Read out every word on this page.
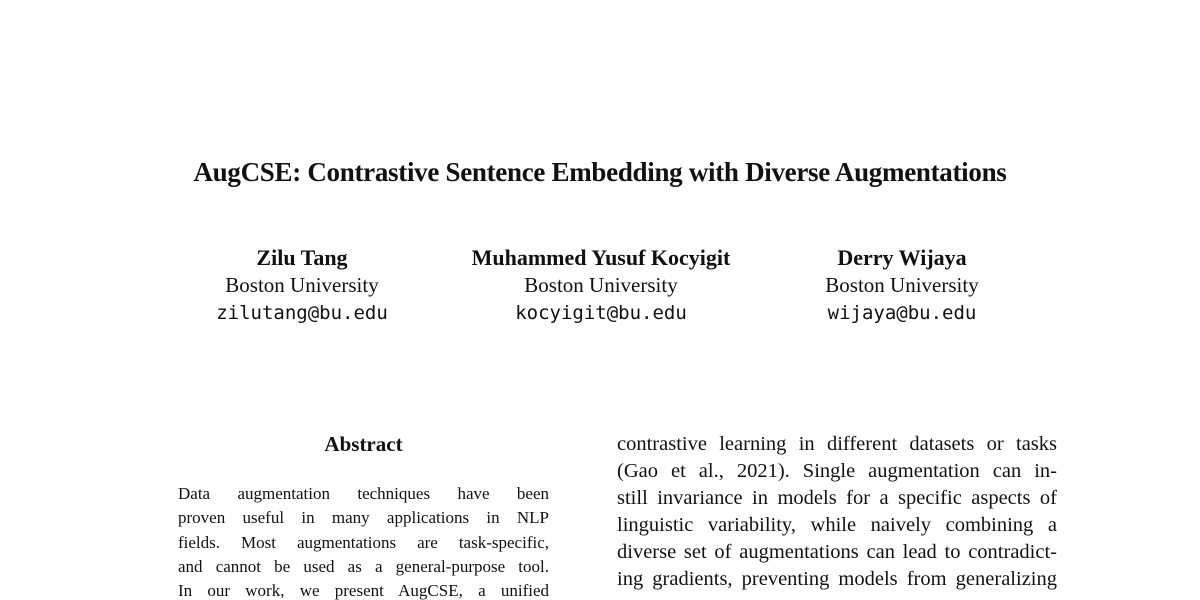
AugCSE: Contrastive Sentence Embedding with Diverse Augmentations
Zilu Tang
Boston University
zilutang@bu.edu
Muhammed Yusuf Kocyigit
Boston University
kocyigit@bu.edu
Derry Wijaya
Boston University
wijaya@bu.edu
Abstract
Data augmentation techniques have been
proven useful in many applications in NLP
fields. Most augmentations are task-specific,
and cannot be used as a general-purpose tool.
In our work, we present AugCSE, a unified
contrastive learning in different datasets or tasks
(Gao et al., 2021). Single augmentation can in-
still invariance in models for a specific aspects of
linguistic variability, while naively combining a
diverse set of augmentations can lead to contradict-
ing gradients, preventing models from generalizing
